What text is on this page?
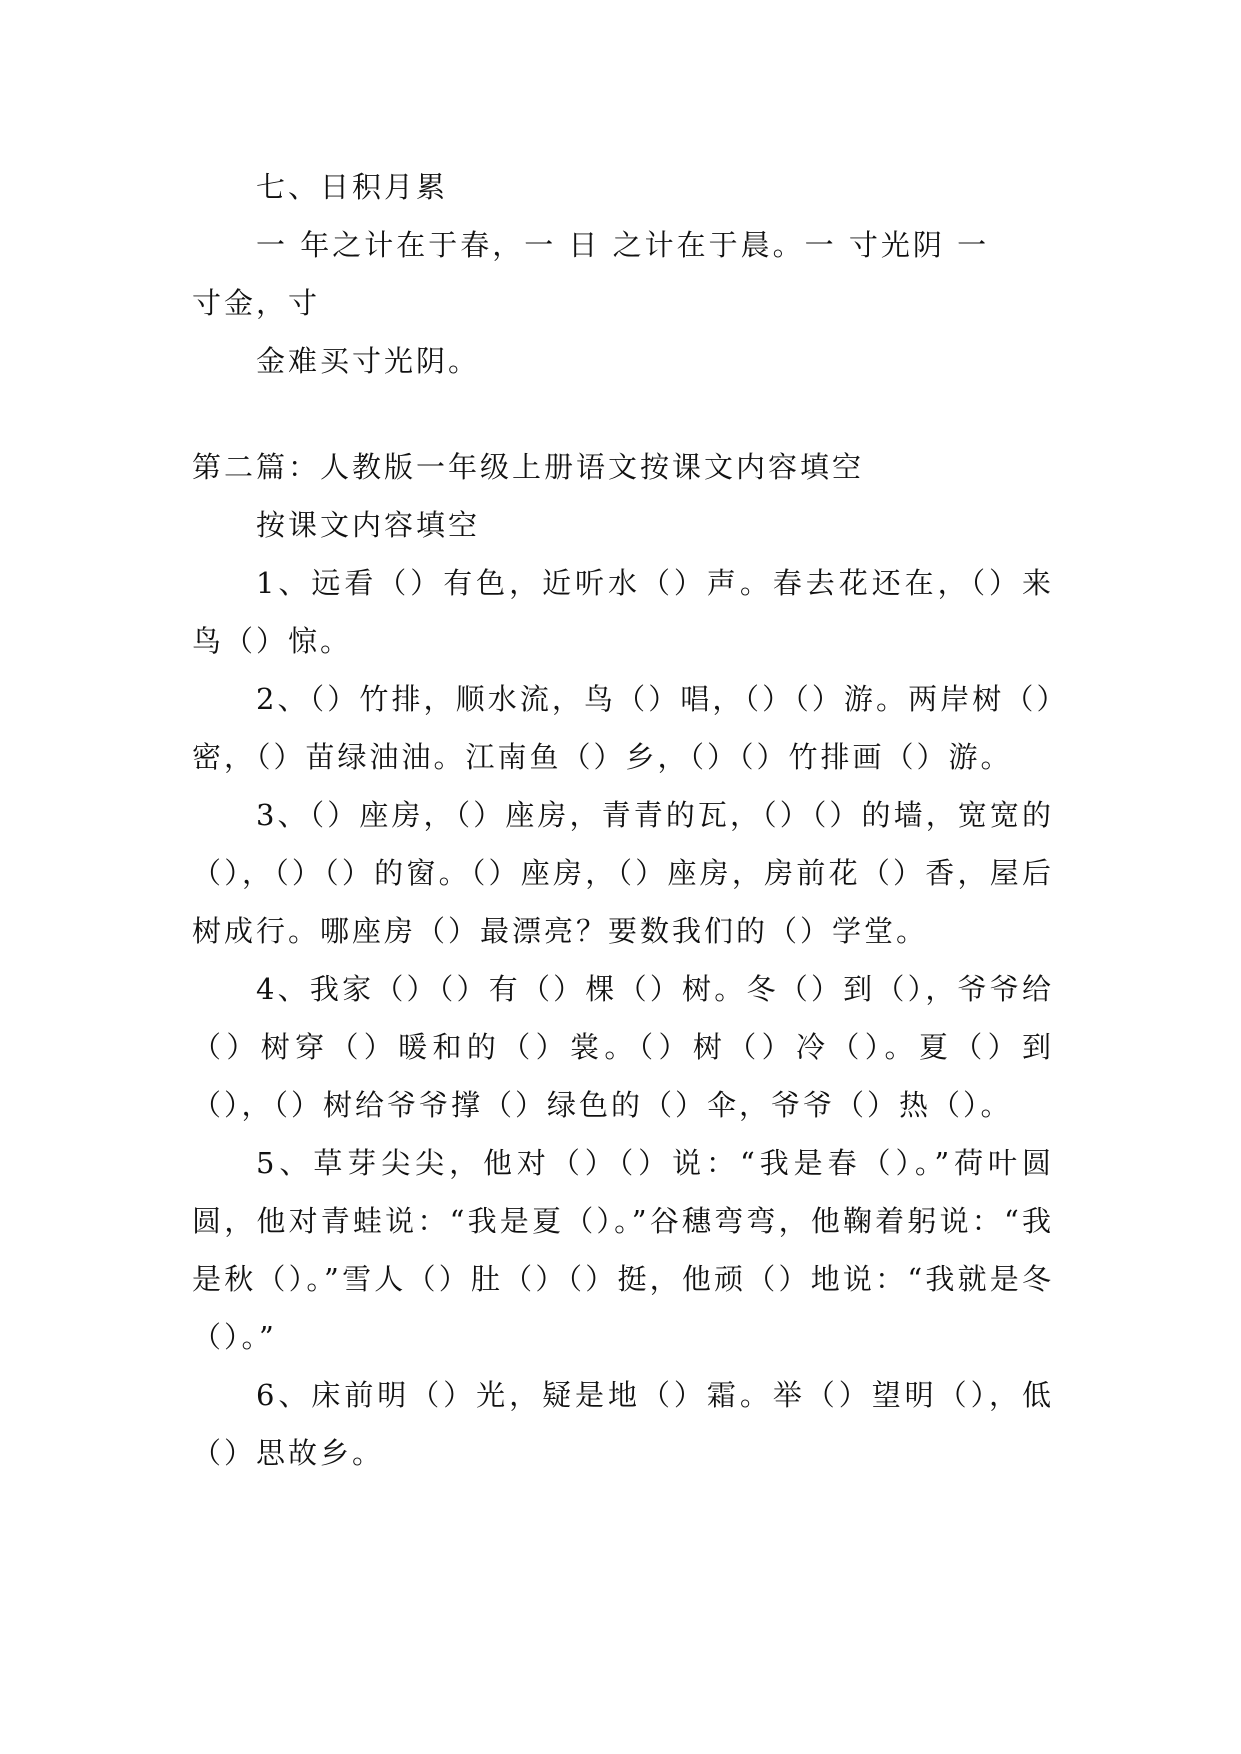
七、日积月累
一 年之计在于春，一 日 之计在于晨。一 寸光阴 一
寸金，寸
金难买寸光阴。
第二篇：人教版一年级上册语文按课文内容填空
按课文内容填空

1、远看（）有色，近听水（）声。春去花还在，（）来鸟（）惊。

2、（）竹排，顺水流，鸟（）唱，（）（）游。两岸树（）密，（）苗绿油油。江南鱼（）乡，（）（）竹排画（）游。

3、（）座房，（）座房，青青的瓦，（）（）的墙，宽宽的（），（）（）的窗。（）座房，（）座房，房前花（）香，屋后树成行。哪座房（）最漂亮？要数我们的（）学堂。

4、我家（）（）有（）棵（）树。冬（）到（），爷爷给（）树穿（）暖和的（）裳。（）树（）冷（）。夏（）到（），（）树给爷爷撑（）绿色的（）伞，爷爷（）热（）。

5、草芽尖尖，他对（）（）说：“我是春（）。”荷叶圆圆，他对青蛙说：“我是夏（）。”谷穗弯弯，他鞠着躬说：“我是秋（）。”雪人（）肚（）（）挺，他顽（）地说：“我就是冬（）。”

6、床前明（）光，疑是地（）霜。举（）望明（），低（）思故乡。
